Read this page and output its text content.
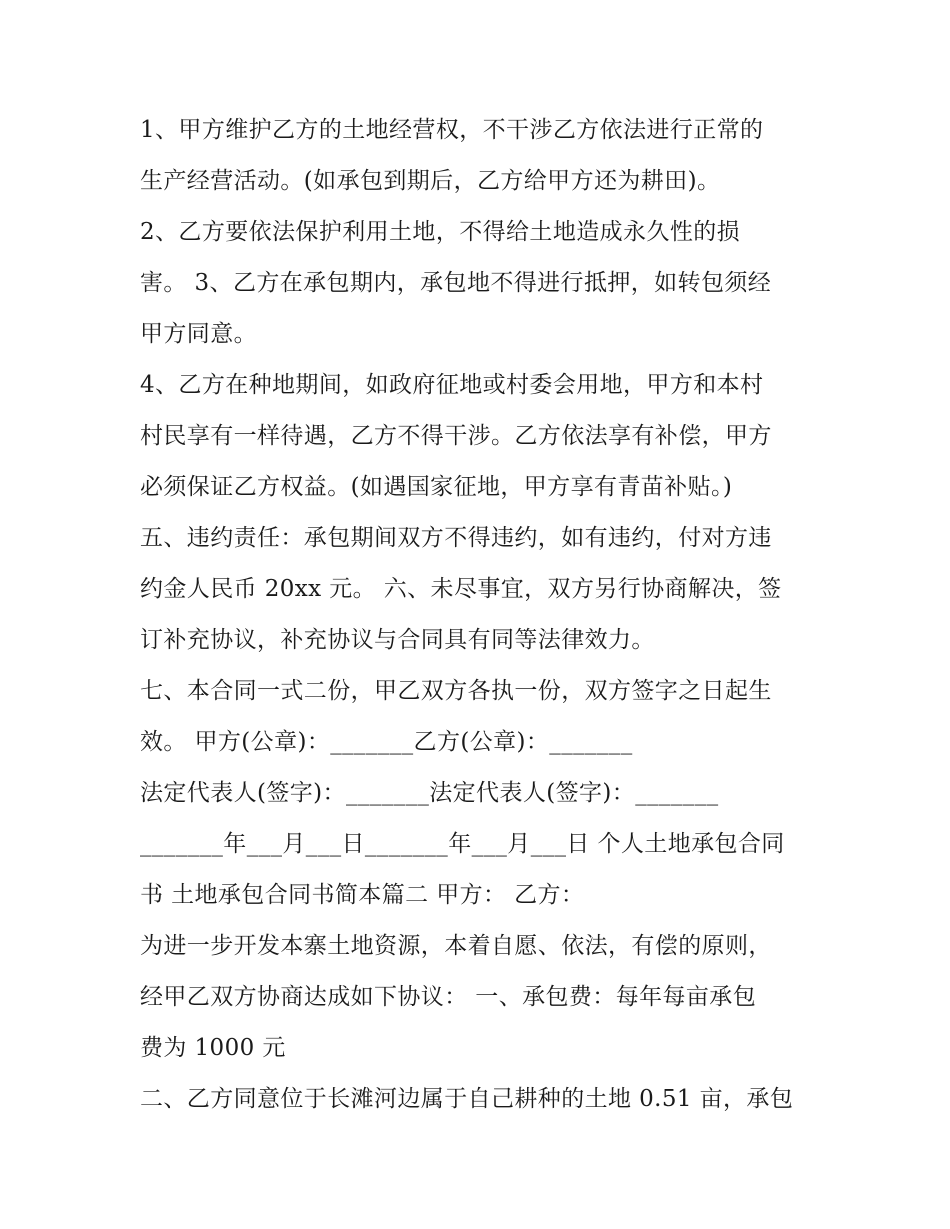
1、甲方维护乙方的土地经营权，不干涉乙方依法进行正常的
生产经营活动。(如承包到期后，乙方给甲方还为耕田)。
2、乙方要依法保护利用土地，不得给土地造成永久性的损
害。 3、乙方在承包期内，承包地不得进行抵押，如转包须经
甲方同意。
4、乙方在种地期间，如政府征地或村委会用地，甲方和本村
村民享有一样待遇，乙方不得干涉。乙方依法享有补偿，甲方
必须保证乙方权益。(如遇国家征地，甲方享有青苗补贴。)
五、违约责任：承包期间双方不得违约，如有违约，付对方违
约金人民币 20xx 元。 六、未尽事宜，双方另行协商解决，签
订补充协议，补充协议与合同具有同等法律效力。
七、本合同一式二份，甲乙双方各执一份，双方签字之日起生
效。 甲方(公章)：_______乙方(公章)：_______
法定代表人(签字)：_______法定代表人(签字)：_______
_______年___月___日_______年___月___日 个人土地承包合同
书 土地承包合同书简本篇二 甲方： 乙方：
为进一步开发本寨土地资源，本着自愿、依法，有偿的原则，
经甲乙双方协商达成如下协议： 一、承包费：每年每亩承包
费为 1000 元
二、乙方同意位于长滩河边属于自己耕种的土地 0.51 亩，承包
